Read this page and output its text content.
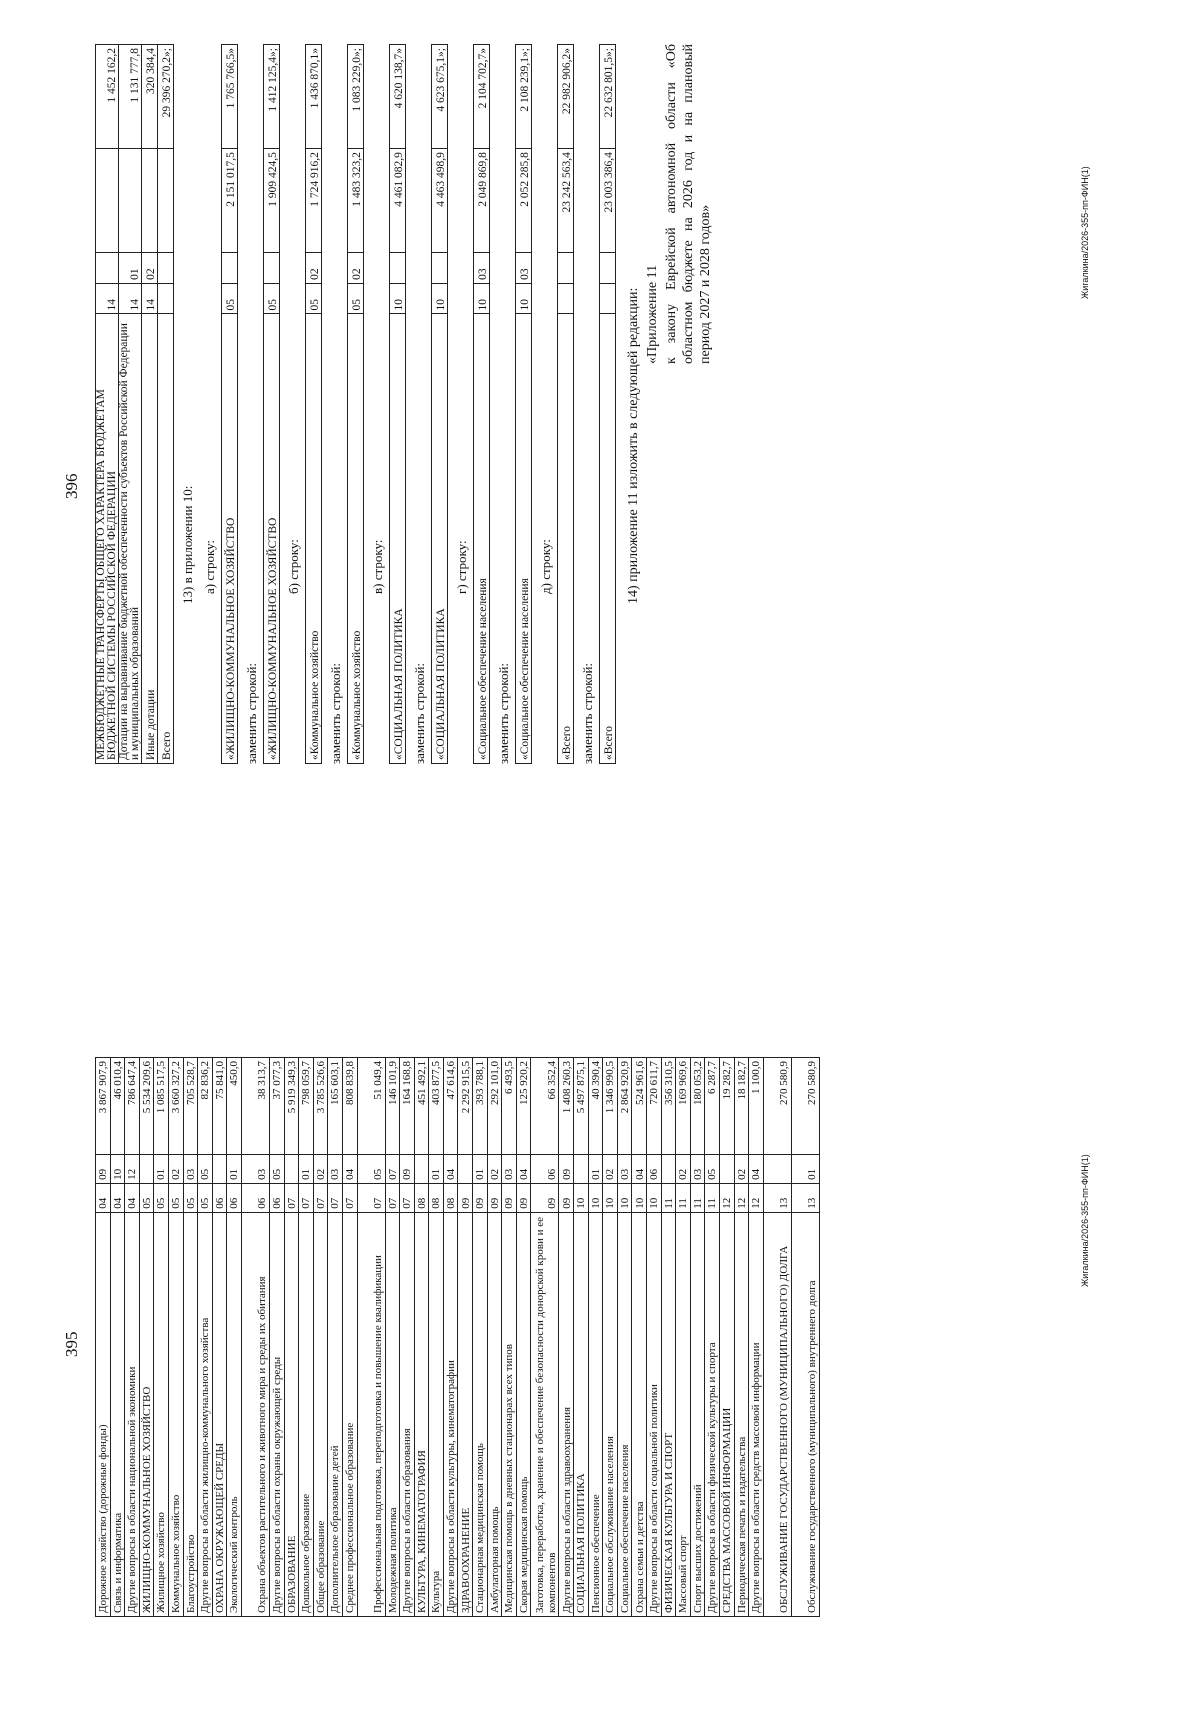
395
Дорожное хозяйство (дорожные фонды)	04	09	3 867 907,9
Связь и информатика	04	10	46 010,4
Другие вопросы в области национальной экономики	04	12	786 647,4
ЖИЛИЩНО-КОММУНАЛЬНОЕ ХОЗЯЙСТВО	05		5 534 209,6
Жилищное хозяйство	05	01	1 085 517,5
Коммунальное хозяйство	05	02	3 660 327,2
Благоустройство	05	03	705 528,7
Другие вопросы в области жилищно-коммунального хозяйства	05	05	82 836,2
ОХРАНА ОКРУЖАЮЩЕЙ СРЕДЫ	06		75 841,0
Экологический контроль	06	01	450,0
Охрана объектов растительного и животного мира и среды их обитания	06	03	38 313,7
Другие вопросы в области охраны окружающей среды	06	05	37 077,3
ОБРАЗОВАНИЕ	07		5 919 349,3
Дошкольное образование	07	01	798 059,7
Общее образование	07	02	3 785 526,6
Дополнительное образование детей	07	03	165 603,1
Среднее профессиональное образование	07	04	808 839,8
Профессиональная подготовка, переподготовка и повышение квалификации	07	05	51 049,4
Молодежная политика	07	07	146 101,9
Другие вопросы в области образования	07	09	164 168,8
КУЛЬТУРА, КИНЕМАТОГРАФИЯ	08		451 492,1
Культура	08	01	403 877,5
Другие вопросы в области культуры, кинематографии	08	04	47 614,6
ЗДРАВООХРАНЕНИЕ	09		2 292 915,5
Стационарная медицинская помощь	09	01	393 788,1
Амбулаторная помощь	09	02	292 101,0
Медицинская помощь в дневных стационарах всех типов	09	03	6 493,5
Скорая медицинская помощь	09	04	125 920,2
Заготовка, переработка, хранение и обеспечение безопасности донорской крови и ее компонентов	09	06	66 352,4
Другие вопросы в области здравоохранения	09	09	1 408 260,3
СОЦИАЛЬНАЯ ПОЛИТИКА	10		5 497 875,1
Пенсионное обеспечение	10	01	40 390,4
Социальное обслуживание населения	10	02	1 346 990,5
Социальное обеспечение населения	10	03	2 864 920,9
Охрана семьи и детства	10	04	524 961,6
Другие вопросы в области социальной политики	10	06	720 611,7
ФИЗИЧЕСКАЯ КУЛЬТУРА И СПОРТ	11		356 310,5
Массовый спорт	11	02	169 969,6
Спорт высших достижений	11	03	180 053,2
Другие вопросы в области физической культуры и спорта	11	05	6 287,7
СРЕДСТВА МАССОВОЙ ИНФОРМАЦИИ	12		19 282,7
Периодическая печать и издательства	12	02	18 182,7
Другие вопросы в области средств массовой информации	12	04	1 100,0
ОБСЛУЖИВАНИЕ ГОСУДАРСТВЕННОГО (МУНИЦИПАЛЬНОГО) ДОЛГА	13		270 580,9
Обслуживание государственного (муниципального) внутреннего долга	13	01	270 580,9
Жигалкина/2026-355-пп-ФИН(1)
396 МЕЖБЮДЖЕТНЫЕ ТРАНСФЕРТЫ ОБЩЕГО ХАРАКТЕРА БЮДЖЕТАМ БЮДЖЕТНОЙ СИСТЕМЫ РОССИЙСКОЙ ФЕДЕРАЦИИ	14			1 452 162,2
Дотации на выравнивание бюджетной обеспеченности субъектов Российской Федерации и муниципальных образований	14	01		1 131 777,8
Иные дотации	14	02		320 384,4
Всего				29 396 270,2»;
13) в приложении 10: а) строку: «ЖИЛИЩНО-КОММУНАЛЬНОЕ ХОЗЯЙСТВО	05		2 151 017,5	1 765 766,5»
заменить строкой: «ЖИЛИЩНО-КОММУНАЛЬНОЕ ХОЗЯЙСТВО	05		1 909 424,5	1 412 125,4»;
б) строку:
«Коммунальное хозяйство	05	02	1 724 916,2	1 436 870,1»
заменить строкой: «Коммунальное хозяйство	05	02	1 483 323,2	1 083 229,0»;
в) строку:
«СОЦИАЛЬНАЯ ПОЛИТИКА	10		4 461 082,9	4 620 138,7»
заменить строкой: «СОЦИАЛЬНАЯ ПОЛИТИКА	10		4 463 498,9	4 623 675,1»;
г) строку:
«Социальное обеспечение населения	10	03	2 049 869,8	2 104 702,7»
заменить строкой: «Социальное обеспечение населения	10	03	2 052 285,8	2 108 239,1»;
д) строку:
«Всего			23 242 563,4	22 982 906,2»
заменить строкой: «Всего			23 003 386,4	22 632 801,5»;
14) приложение 11 изложить в следующей редакции: «Приложение 11 к закону Еврейской автономной области «Об областном бюджете на 2026 год и на плановый период 2027 и 2028 годов»	Жигалкина/2026-355-пп-ФИН(1)
